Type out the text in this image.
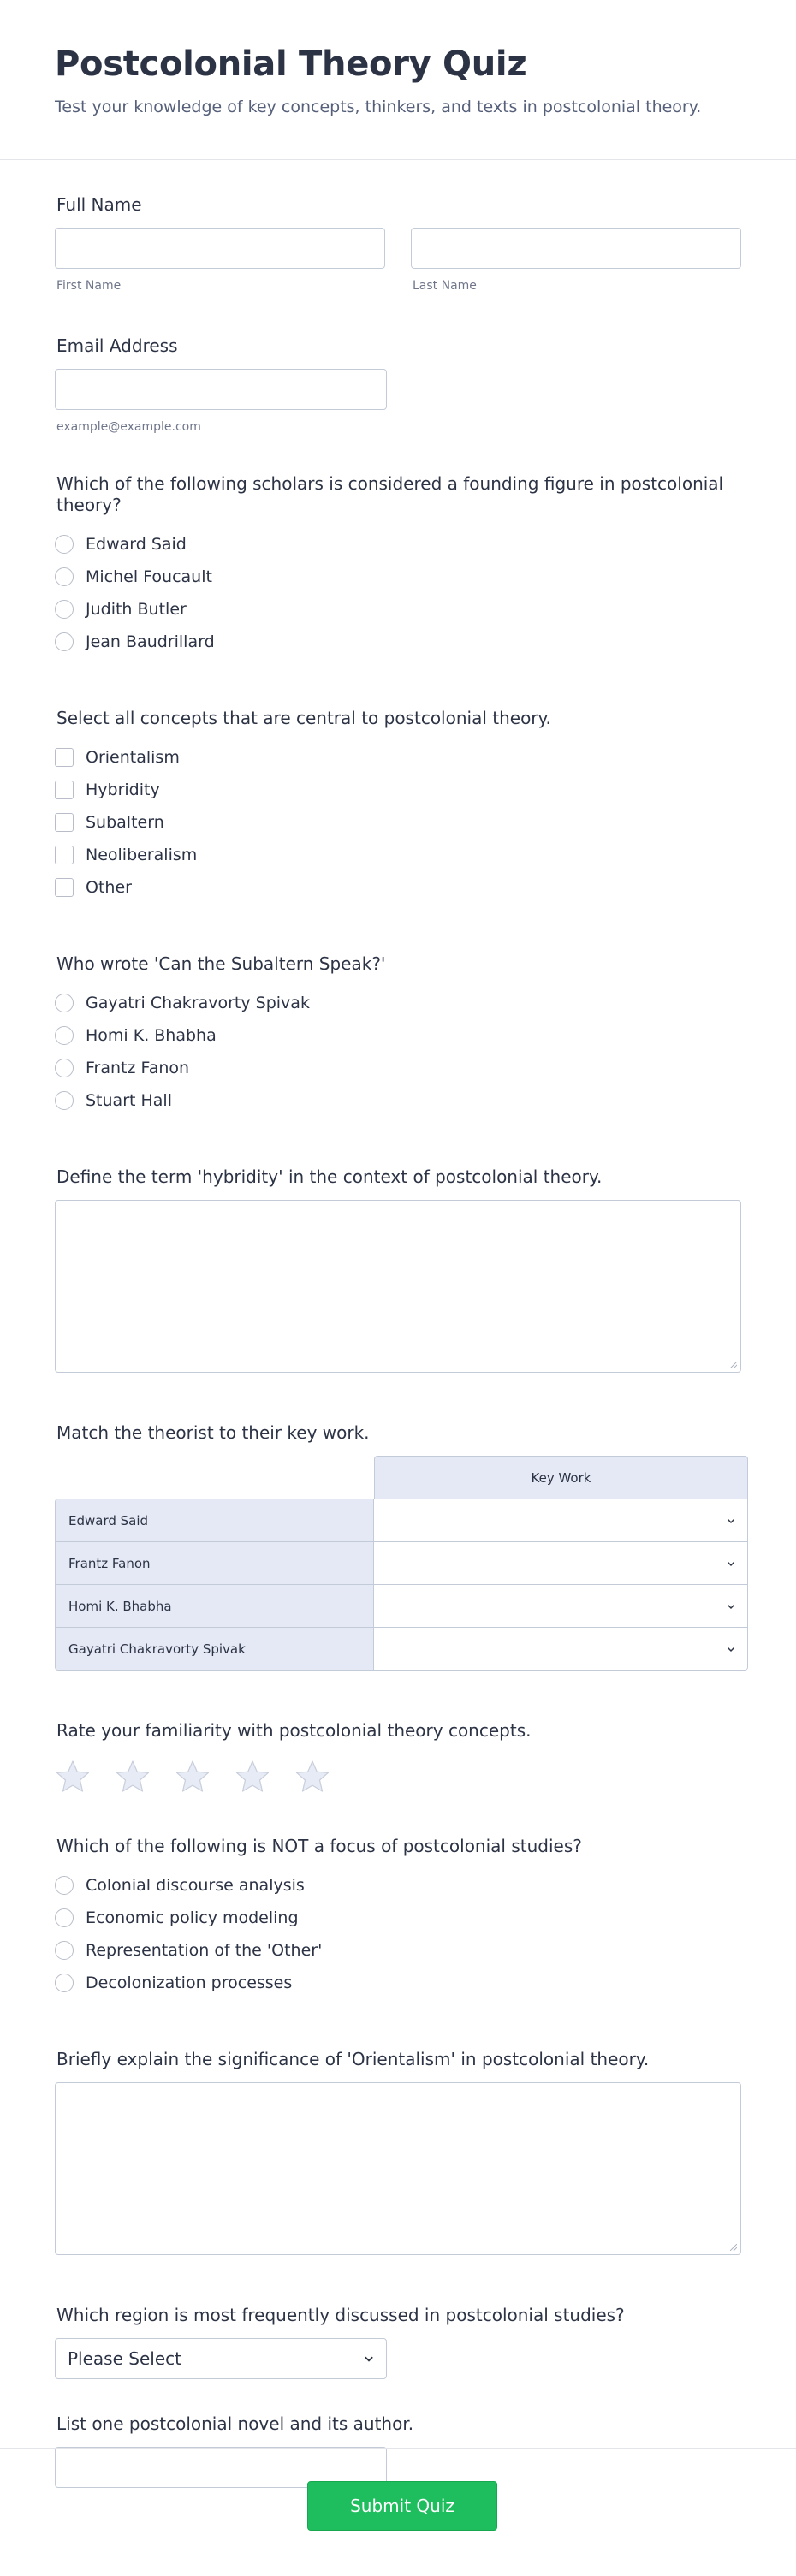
Postcolonial Theory Quiz
Test your knowledge of key concepts, thinkers, and texts in postcolonial theory.
Full Name
First Name	Last Name
Email Address
example@example.com
Which of the following scholars is considered a founding figure in postcolonial theory?
Edward Said
Michel Foucault
Judith Butler
Jean Baudrillard
Select all concepts that are central to postcolonial theory.
Orientalism
Hybridity
Subaltern
Neoliberalism
Other
Who wrote 'Can the Subaltern Speak?'
Gayatri Chakravorty Spivak
Homi K. Bhabha
Frantz Fanon
Stuart Hall
Define the term 'hybridity' in the context of postcolonial theory.
Match the theorist to their key work.
Key Work
Edward Said
Frantz Fanon
Homi K. Bhabha
Gayatri Chakravorty Spivak
Rate your familiarity with postcolonial theory concepts.
Which of the following is NOT a focus of postcolonial studies?
Colonial discourse analysis
Economic policy modeling
Representation of the 'Other'
Decolonization processes
Briefly explain the significance of 'Orientalism' in postcolonial theory.
Which region is most frequently discussed in postcolonial studies?
Please Select
List one postcolonial novel and its author.
Submit Quiz
